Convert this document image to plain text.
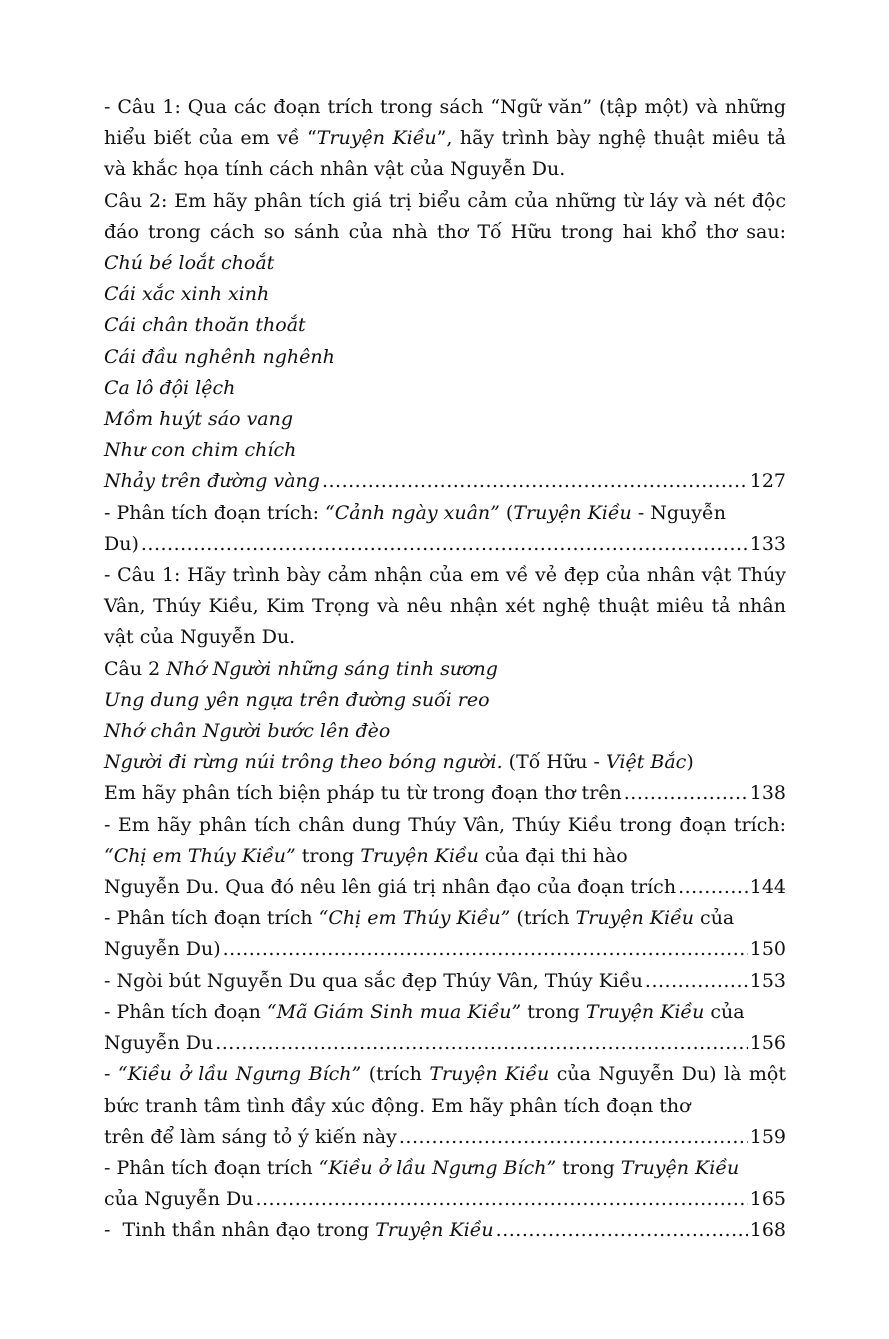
- Câu 1: Qua các đoạn trích trong sách “Ngữ văn” (tập một) và những hiểu biết của em về “Truyện Kiều”, hãy trình bày nghệ thuật miêu tả và khắc họa tính cách nhân vật của Nguyễn Du.

Câu 2: Em hãy phân tích giá trị biểu cảm của những từ láy và nét độc đáo trong cách so sánh của nhà thơ Tố Hữu trong hai khổ thơ sau: Chú bé loắt choắt

Cái xắc xinh xinh
Cái chân thoăn thoắt
Cái đầu nghênh nghênh
Ca lô đội lệch
Mồm huýt sáo vang
Như con chim chích
Nhảy trên đường vàng .....	127

- Phân tích đoạn trích: “Cảnh ngày xuân” (Truyện Kiều - Nguyễn

Du) .....	133

- Câu 1: Hãy trình bày cảm nhận của em về vẻ đẹp của nhân vật Thúy Vân, Thúy Kiều, Kim Trọng và nêu nhận xét nghệ thuật miêu tả nhân vật của Nguyễn Du.

Câu 2 Nhớ Người những sáng tinh sương

Ung dung yên ngựa trên đường suối reo
Nhớ chân Người bước lên đèo

Người đi rừng núi trông theo bóng người. (Tố Hữu - Việt Bắc)

Em hãy phân tích biện pháp tu từ trong đoạn thơ trên .....	138

- Em hãy phân tích chân dung Thúy Vân, Thúy Kiều trong đoạn trích: “Chị em Thúy Kiều” trong Truyện Kiều của đại thi hào

Nguyễn Du. Qua đó nêu lên giá trị nhân đạo của đoạn trích .....	144

- Phân tích đoạn trích “Chị em Thúy Kiều” (trích Truyện Kiều của

Nguyễn Du) .....	150
- Ngòi bút Nguyễn Du qua sắc đẹp Thúy Vân, Thúy Kiều .....	153

- Phân tích đoạn “Mã Giám Sinh mua Kiều” trong Truyện Kiều của

Nguyễn Du .....	156

- “Kiều ở lầu Ngưng Bích” (trích Truyện Kiều của Nguyễn Du) là một bức tranh tâm tình đầy xúc động. Em hãy phân tích đoạn thơ

trên để làm sáng tỏ ý kiến này .....	159

- Phân tích đoạn trích “Kiều ở lầu Ngưng Bích” trong Truyện Kiều

của Nguyễn Du .....	165
-  Tinh thần nhân đạo trong Truyện Kiều .....	168
